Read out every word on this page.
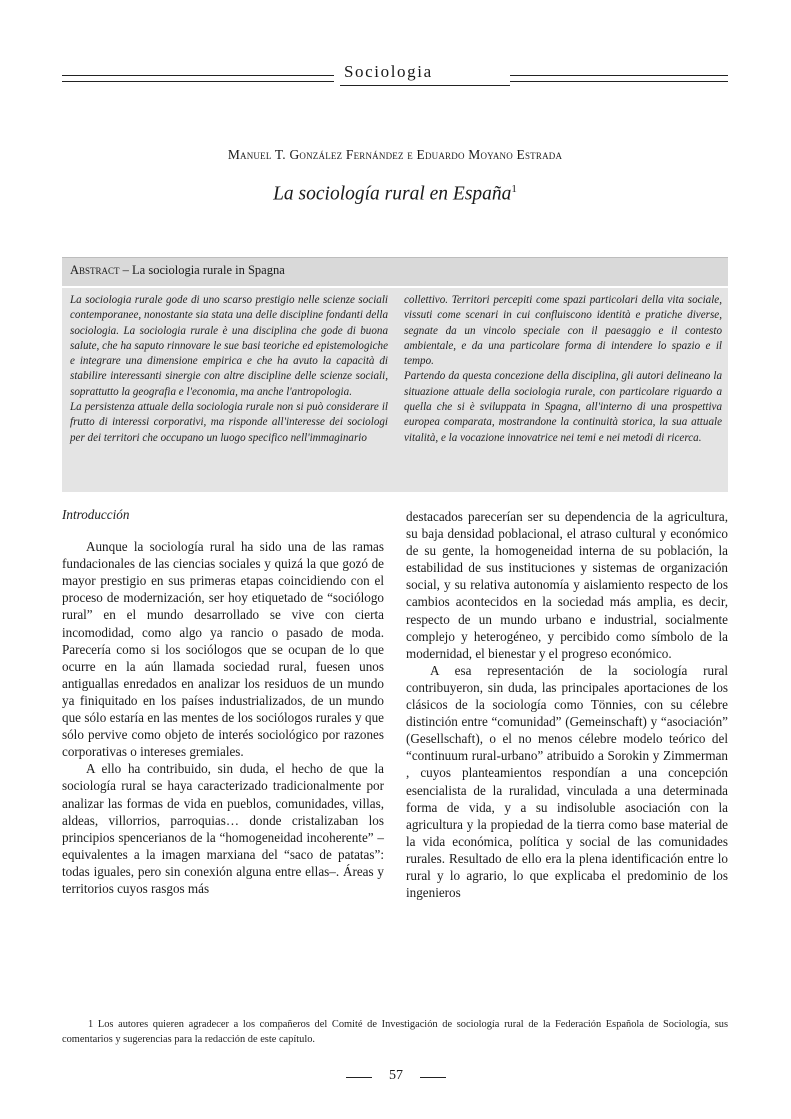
Sociologia
Manuel T. González Fernández e Eduardo Moyano Estrada
La sociología rural en España$^1$
Abstract – La sociologia rurale in Spagna

La sociologia rurale gode di uno scarso prestigio nelle scienze sociali contemporanee, nonostante sia stata una delle discipline fondanti della sociologia. La sociologia rurale è una disciplina che gode di buona salute, che ha saputo rinnovare le sue basi teoriche ed epistemologiche e integrare una dimensione empirica e che ha avuto la capacità di stabilire interessanti sinergie con altre discipline delle scienze sociali, soprattutto la geografia e l'economia, ma anche l'antropologia.

La persistenza attuale della sociologia rurale non si può considerare il frutto di interessi corporativi, ma risponde all'interesse dei sociologi per dei territori che occupano un luogo specifico nell'immaginario

collettivo. Territori percepiti come spazi particolari della vita sociale, vissuti come scenari in cui confluiscono identità e pratiche diverse, segnate da un vincolo speciale con il paesaggio e il contesto ambientale, e da una particolare forma di intendere lo spazio e il tempo.

Partendo da questa concezione della disciplina, gli autori delineano la situazione attuale della sociologia rurale, con particolare riguardo a quella che si è sviluppata in Spagna, all'interno di una prospettiva europea comparata, mostrandone la continuità storica, la sua attuale vitalità, e la vocazione innovatrice nei temi e nei metodi di ricerca.

Introducción

Aunque la sociología rural ha sido una de las ramas fundacionales de las ciencias sociales y quizá la que gozó de mayor prestigio en sus primeras etapas coincidiendo con el proceso de modernización, ser hoy etiquetado de “sociólogo rural” en el mundo desarrollado se vive con cierta incomodidad, como algo ya rancio o pasado de moda. Parecería como si los sociólogos que se ocupan de lo que ocurre en la aún llamada sociedad rural, fuesen unos antiguallas enredados en analizar los residuos de un mundo ya finiquitado en los países industrializados, de un mundo que sólo estaría en las mentes de los sociólogos rurales y que sólo pervive como objeto de interés sociológico por razones corporativas o intereses gremiales.

A ello ha contribuido, sin duda, el hecho de que la sociología rural se haya caracterizado tradicionalmente por analizar las formas de vida en pueblos, comunidades, villas, aldeas, villorrios, parroquias… donde cristalizaban los principios spencerianos de la “homogeneidad incoherente” –equivalentes a la imagen marxiana del “saco de patatas”: todas iguales, pero sin conexión alguna entre ellas–. Áreas y territorios cuyos rasgos más

destacados parecerían ser su dependencia de la agricultura, su baja densidad poblacional, el atraso cultural y económico de su gente, la homogeneidad interna de su población, la estabilidad de sus instituciones y sistemas de organización social, y su relativa autonomía y aislamiento respecto de los cambios acontecidos en la sociedad más amplia, es decir, respecto de un mundo urbano e industrial, socialmente complejo y heterogéneo, y percibido como símbolo de la modernidad, el bienestar y el progreso económico.

A esa representación de la sociología rural contribuyeron, sin duda, las principales aportaciones de los clásicos de la sociología como Tönnies, con su célebre distinción entre “comunidad” (Gemeinschaft) y “asociación” (Gesellschaft), o el no menos célebre modelo teórico del “continuum rural-urbano” atribuido a Sorokin y Zimmerman , cuyos planteamientos respondían a una concepción esencialista de la ruralidad, vinculada a una determinada forma de vida, y a su indisoluble asociación con la agricultura y la propiedad de la tierra como base material de la vida económica, política y social de las comunidades rurales. Resultado de ello era la plena identificación entre lo rural y lo agrario, lo que explicaba el predominio de los ingenieros

1 Los autores quieren agradecer a los compañeros del Comité de Investigación de sociología rural de la Federación Española de Sociología, sus comentarios y sugerencias para la redacción de este capítulo.

57
